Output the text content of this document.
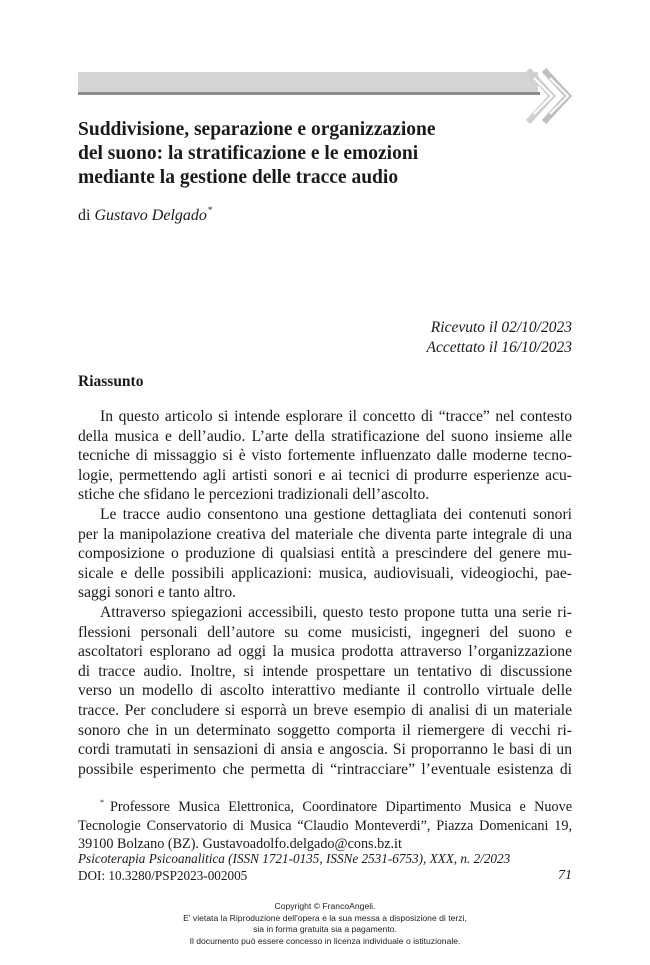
Suddivisione, separazione e organizzazione
del suono: la stratificazione e le emozioni
mediante la gestione delle tracce audio
di Gustavo Delgado*
Ricevuto il 02/10/2023
Accettato il 16/10/2023
Riassunto
In questo articolo si intende esplorare il concetto di “tracce” nel contesto
della musica e dell’audio. L’arte della stratificazione del suono insieme alle
tecniche di missaggio si è visto fortemente influenzato dalle moderne tecno-
logie, permettendo agli artisti sonori e ai tecnici di produrre esperienze acu-
stiche che sfidano le percezioni tradizionali dell’ascolto.
Le tracce audio consentono una gestione dettagliata dei contenuti sonori
per la manipolazione creativa del materiale che diventa parte integrale di una
composizione o produzione di qualsiasi entità a prescindere del genere mu-
sicale e delle possibili applicazioni: musica, audiovisuali, videogiochi, pae-
saggi sonori e tanto altro.
Attraverso spiegazioni accessibili, questo testo propone tutta una serie ri-
flessioni personali dell’autore su come musicisti, ingegneri del suono e
ascoltatori esplorano ad oggi la musica prodotta attraverso l’organizzazione
di tracce audio. Inoltre, si intende prospettare un tentativo di discussione
verso un modello di ascolto interattivo mediante il controllo virtuale delle
tracce. Per concludere si esporrà un breve esempio di analisi di un materiale
sonoro che in un determinato soggetto comporta il riemergere di vecchi ri-
cordi tramutati in sensazioni di ansia e angoscia. Si proporranno le basi di un
possibile esperimento che permetta di “rintracciare” l’eventuale esistenza di
* Professore Musica Elettronica, Coordinatore Dipartimento Musica e Nuove
Tecnologie Conservatorio di Musica “Claudio Monteverdi”, Piazza Domenicani 19,
39100 Bolzano (BZ). Gustavoadolfo.delgado@cons.bz.it
Psicoterapia Psicoanalitica (ISSN 1721-0135, ISSNe 2531-6753), XXX, n. 2/2023
DOI: 10.3280/PSP2023-002005	71
Copyright © FrancoAngeli.
E' vietata la Riproduzione dell'opera e la sua messa a disposizione di terzi,
sia in forma gratuita sia a pagamento.
Il documento può essere concesso in licenza individuale o istituzionale.
